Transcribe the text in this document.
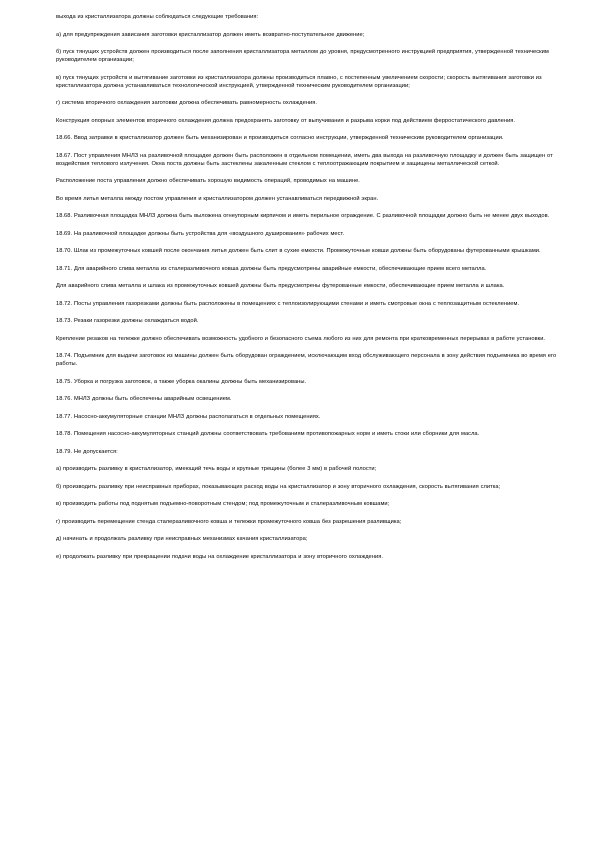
выхода из кристаллизатора должны соблюдаться следующие требования:

а) для предупреждения зависания заготовки кристаллизатор должен иметь возвратно-поступательное движение;

б) пуск тянущих устройств должен производиться после заполнения кристаллизатора металлом до уровня, предусмотренного инструкцией предприятия, утвержденной техническим руководителем организации;

в) пуск тянущих устройств и вытягивание заготовки из кристаллизатора должны производиться плавно, с постепенным увеличением скорости; скорость вытягивания заготовки из кристаллизатора должна устанавливаться технологической инструкцией, утвержденной техническим руководителем организации;

г) система вторичного охлаждения заготовки должна обеспечивать равномерность охлаждения.

Конструкция опорных элементов вторичного охлаждения должна предохранять заготовку от выпучивания и разрыва корки под действием ферростатического давления.

18.66. Ввод затравки в кристаллизатор должен быть механизирован и производиться согласно инструкции, утвержденной техническим руководителем организации.

18.67. Пост управления МНЛЗ на разливочной площадке должен быть расположен в отдельном помещении, иметь два выхода на разливочную площадку и должен быть защищен от воздействия теплового излучения. Окна поста должны быть застеклены закаленным стеклом с теплоотражающим покрытием и защищены металлической сеткой.

Расположение поста управления должно обеспечивать хорошую видимость операций, проводимых на машине.

Во время литья металла между постом управления и кристаллизатором должен устанавливаться передвижной экран.

18.68. Разливочная площадка МНЛЗ должна быть выложена огнеупорным кирпичом и иметь перильное ограждение. С разливочной площадки должно быть не менее двух выходов.

18.69. На разливочной площадке должны быть устройства для «воздушного душирования» рабочих мест.

18.70. Шлак из промежуточных ковшей после окончания литья должен быть слит в сухие емкости. Промежуточные ковши должны быть оборудованы футерованными крышками.

18.71. Для аварийного слива металла из сталеразливочного ковша должны быть предусмотрены аварийные емкости, обеспечивающие прием всего металла.

Для аварийного слива металла и шлака из промежуточных ковшей должны быть предусмотрены футерованные емкости, обеспечивающие прием металла и шлака.

18.72. Посты управления газорезками должны быть расположены в помещениях с теплоизолирующими стенами и иметь смотровые окна с теплозащитным остеклением.

18.73. Резаки газорезки должны охлаждаться водой.

Крепление резаков на тележке должно обеспечивать возможность удобного и безопасного съема любого из них для ремонта при кратковременных перерывах в работе установки.

18.74. Подъемник для выдачи заготовок из машины должен быть оборудован ограждением, исключающим вход обслуживающего персонала в зону действия подъемника во время его работы.

18.75. Уборка и погрузка заготовок, а также уборка окалины должны быть механизированы.

18.76. МНЛЗ должны быть обеспечены аварийным освещением.

18.77. Насосно-аккумуляторные станции МНЛЗ должны располагаться в отдельных помещениях.

18.78. Помещения насосно-аккумуляторных станций должны соответствовать требованиям противопожарных норм и иметь стоки или сборники для масла.

18.79. Не допускается:

а) производить разливку в кристаллизатор, имеющий течь воды и крупные трещины (более 3 мм) в рабочей полости;

б) производить разливку при неисправных приборах, показывающих расход воды на кристаллизатор и зону вторичного охлаждения, скорость вытягивания слитка;

в) производить работы под поднятым подъемно-поворотным стендом; под промежуточным и сталеразливочным ковшами;

г) производить перемещение стенда сталеразливочного ковша и тележки промежуточного ковша без разрешения разливщика;

д) начинать и продолжать разливку при неисправных механизмах качания кристаллизатора;

е) продолжать разливку при прекращении подачи воды на охлаждение кристаллизатора и зону вторичного охлаждения.
